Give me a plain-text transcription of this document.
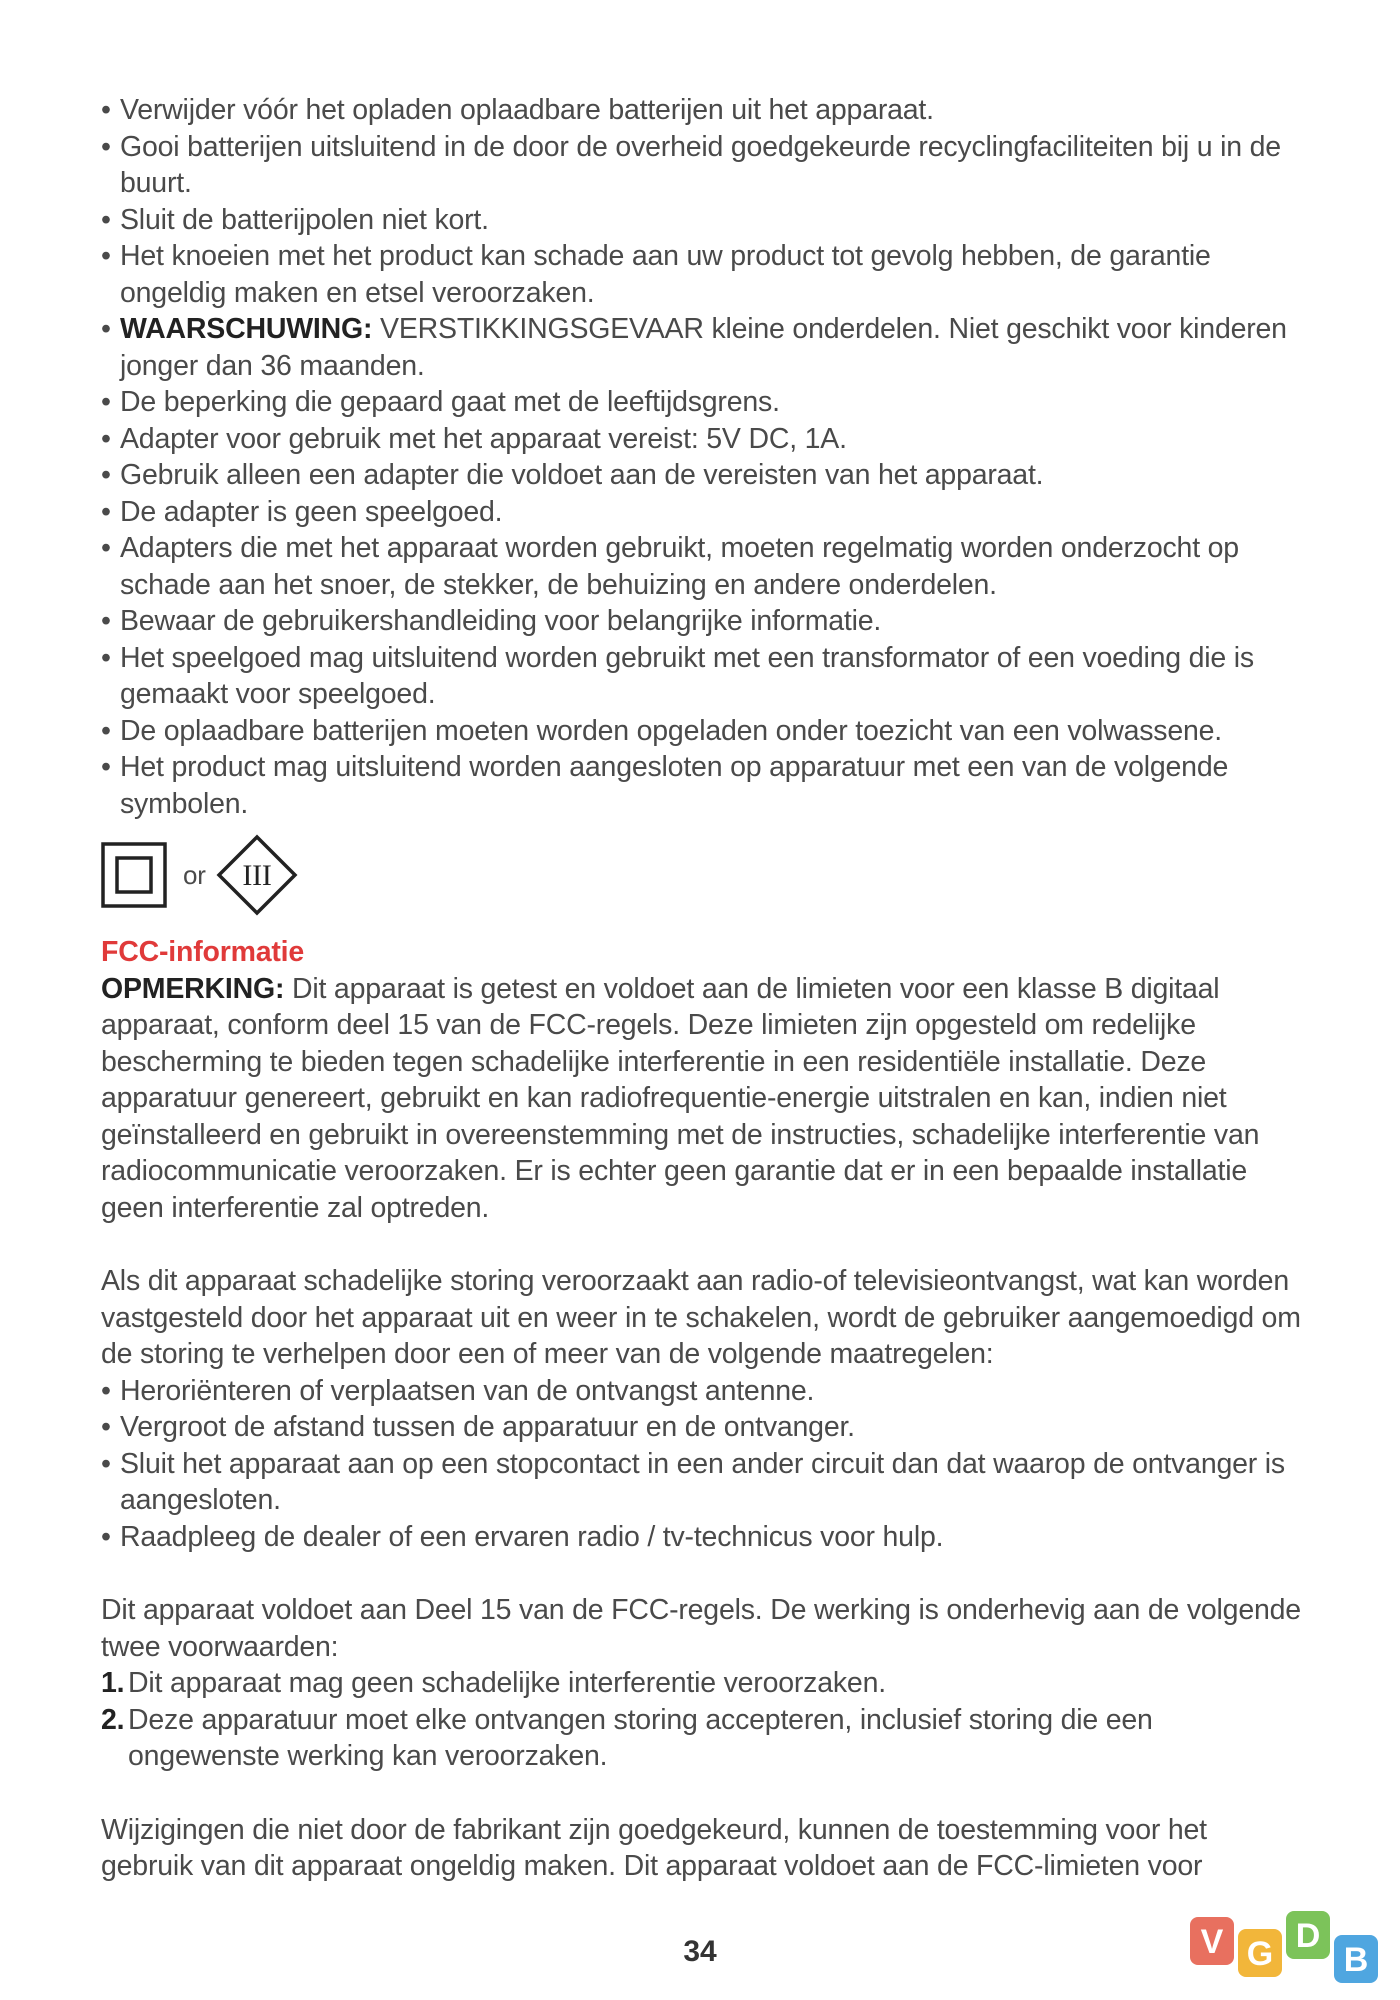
• Verwijder vóór het opladen oplaadbare batterijen uit het apparaat.
• Gooi batterijen uitsluitend in de door de overheid goedgekeurde recyclingfaciliteiten bij u in de buurt.
• Sluit de batterijpolen niet kort.
• Het knoeien met het product kan schade aan uw product tot gevolg hebben, de garantie ongeldig maken en etsel veroorzaken.
• WAARSCHUWING: VERSTIKKINGSGEVAAR kleine onderdelen. Niet geschikt voor kinderen jonger dan 36 maanden.
• De beperking die gepaard gaat met de leeftijdsgrens.
• Adapter voor gebruik met het apparaat vereist: 5V DC, 1A.
• Gebruik alleen een adapter die voldoet aan de vereisten van het apparaat.
• De adapter is geen speelgoed.
• Adapters die met het apparaat worden gebruikt, moeten regelmatig worden onderzocht op schade aan het snoer, de stekker, de behuizing en andere onderdelen.
• Bewaar de gebruikershandleiding voor belangrijke informatie.
• Het speelgoed mag uitsluitend worden gebruikt met een transformator of een voeding die is gemaakt voor speelgoed.
• De oplaadbare batterijen moeten worden opgeladen onder toezicht van een volwassene.
• Het product mag uitsluitend worden aangesloten op apparatuur met een van de volgende symbolen.
or III
FCC-informatie

OPMERKING: Dit apparaat is getest en voldoet aan de limieten voor een klasse B digitaal apparaat, conform deel 15 van de FCC-regels. Deze limieten zijn opgesteld om redelijke bescherming te bieden tegen schadelijke interferentie in een residentiële installatie. Deze apparatuur genereert, gebruikt en kan radiofrequentie-energie uitstralen en kan, indien niet geïnstalleerd en gebruikt in overeenstemming met de instructies, schadelijke interferentie van radiocommunicatie veroorzaken. Er is echter geen garantie dat er in een bepaalde installatie geen interferentie zal optreden.

Als dit apparaat schadelijke storing veroorzaakt aan radio-of televisieontvangst, wat kan worden vastgesteld door het apparaat uit en weer in te schakelen, wordt de gebruiker aangemoedigd om de storing te verhelpen door een of meer van de volgende maatregelen:

• Heroriënteren of verplaatsen van de ontvangst antenne.
• Vergroot de afstand tussen de apparatuur en de ontvanger.
• Sluit het apparaat aan op een stopcontact in een ander circuit dan dat waarop de ontvanger is aangesloten.
• Raadpleeg de dealer of een ervaren radio / tv-technicus voor hulp.

Dit apparaat voldoet aan Deel 15 van de FCC-regels. De werking is onderhevig aan de volgende twee voorwaarden:

1. Dit apparaat mag geen schadelijke interferentie veroorzaken.
2. Deze apparatuur moet elke ontvangen storing accepteren, inclusief storing die een ongewenste werking kan veroorzaken.

Wijzigingen die niet door de fabrikant zijn goedgekeurd, kunnen de toestemming voor het gebruik van dit apparaat ongeldig maken. Dit apparaat voldoet aan de FCC-limieten voor

34	V G D
B
